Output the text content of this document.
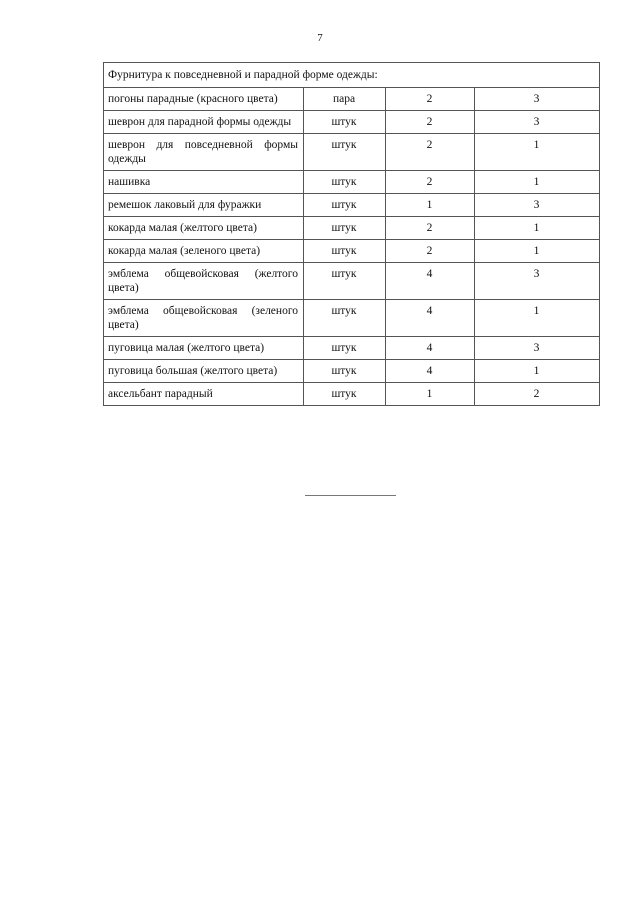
7
Фурнитура к повседневной и парадной форме одежды:			
погоны парадные (красного цвета)	пара	2	3
шеврон для парадной формы одежды	штук	2	3
шеврон для повседневной формы одежды	штук	2	1
нашивка	штук	2	1
ремешок лаковый для фуражки	штук	1	3
кокарда малая (желтого цвета)	штук	2	1
кокарда малая (зеленого цвета)	штук	2	1
эмблема общевойсковая (желтого цвета)	штук	4	3
эмблема общевойсковая (зеленого цвета)	штук	4	1
пуговица малая (желтого цвета)	штук	4	3
пуговица большая (желтого цвета)	штук	4	1
аксельбант парадный	штук	1	2
